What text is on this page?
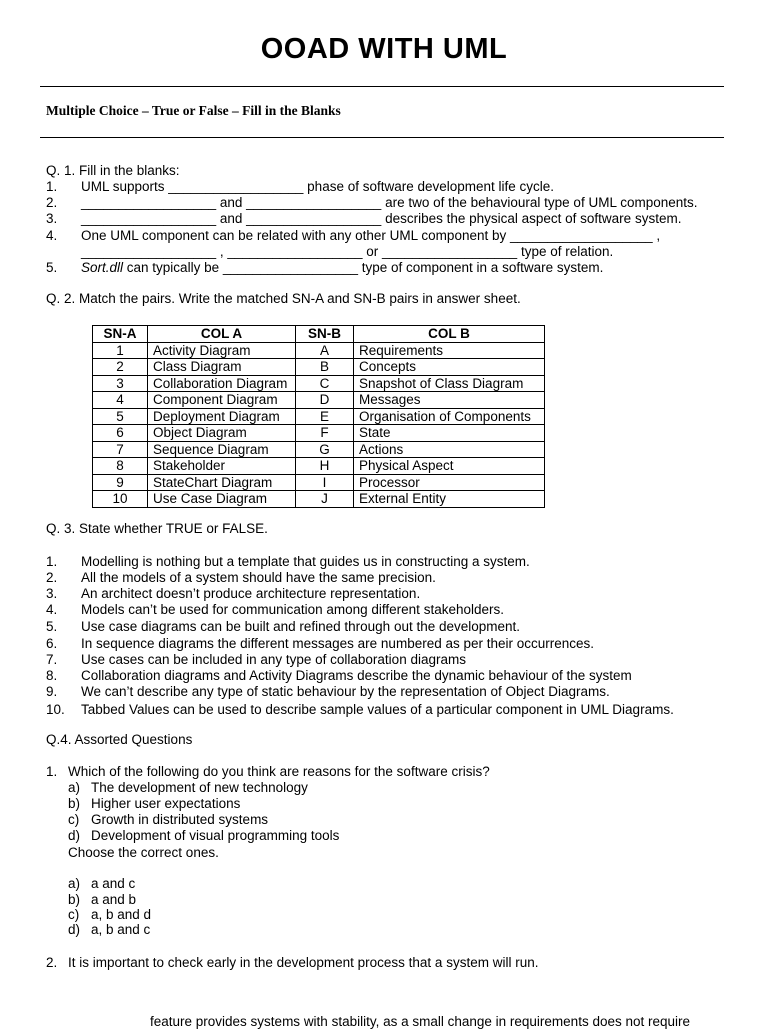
OOAD WITH UML
Multiple Choice – True or False – Fill in the Blanks
Q. 1. Fill in the blanks:
1. UML supports __________________ phase of software development life cycle.
2. __________________ and __________________ are two of the behavioural type of UML components.
3. __________________ and __________________ describes the physical aspect of software system.
4. One UML component can be related with any other UML component by ___________________ ,
__________________ , __________________ or __________________ type of relation.
5. Sort.dll can typically be __________________ type of component in a software system.
Q. 2. Match the pairs. Write the matched SN-A and SN-B pairs in answer sheet.
SN-A	COL A	SN-B	COL B
1	Activity Diagram	A	Requirements
2	Class Diagram	B	Concepts
3	Collaboration Diagram	C	Snapshot of Class Diagram
4	Component Diagram	D	Messages
5	Deployment Diagram	E	Organisation of Components
6	Object Diagram	F	State
7	Sequence Diagram	G	Actions
8	Stakeholder	H	Physical Aspect
9	StateChart Diagram	I	Processor
10	Use Case Diagram	J	External Entity
Q. 3. State whether TRUE or FALSE.
1. Modelling is nothing but a template that guides us in constructing a system.
2. All the models of a system should have the same precision.
3. An architect doesn’t produce architecture representation.
4. Models can’t be used for communication among different stakeholders.
5. Use case diagrams can be built and refined through out the development.
6. In sequence diagrams the different messages are numbered as per their occurrences.
7. Use cases can be included in any type of collaboration diagrams
8. Collaboration diagrams and Activity Diagrams describe the dynamic behaviour of the system
9. We can’t describe any type of static behaviour by the representation of Object Diagrams.
10. Tabbed Values can be used to describe sample values of a particular component in UML Diagrams.
Q.4. Assorted Questions
1. Which of the following do you think are reasons for the software crisis?
a) The development of new technology
b) Higher user expectations
c) Growth in distributed systems
d) Development of visual programming tools
Choose the correct ones.
a) a and c
b) a and b
c) a, b and d
d) a, b and c
2. It is important to check early in the development process that a system will run.
feature provides systems with stability, as a small change in requirements does not require
